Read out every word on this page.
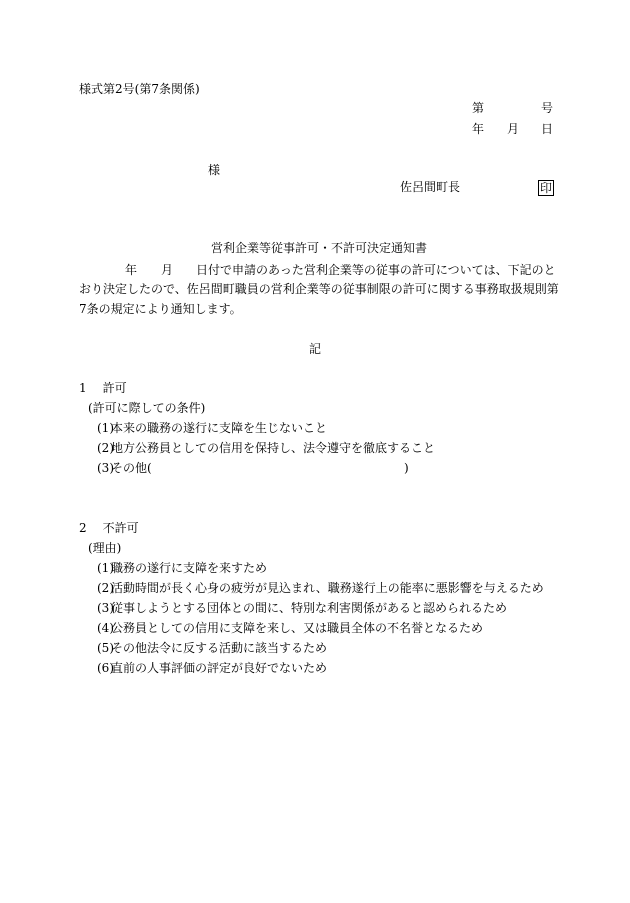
様式第2号(第7条関係)
第	号
年 月 日
様
佐呂間町長	印
営利企業等従事許可・不許可決定通知書
年 月 日付で申請のあった営利企業等の従事の許可については、下記のと
おり決定したので、佐呂間町職員の営利企業等の従事制限の許可に関する事務取扱規則第
7条の規定により通知します。
記
1 許可
(許可に際しての条件)
(1)本来の職務の遂行に支障を生じないこと
(2)地方公務員としての信用を保持し、法令遵守を徹底すること
(3)その他(	)
2 不許可
(理由)
(1)職務の遂行に支障を来すため
(2)活動時間が長く心身の疲労が見込まれ、職務遂行上の能率に悪影響を与えるため
(3)従事しようとする団体との間に、特別な利害関係があると認められるため
(4)公務員としての信用に支障を来し、又は職員全体の不名誉となるため
(5)その他法令に反する活動に該当するため
(6)直前の人事評価の評定が良好でないため
